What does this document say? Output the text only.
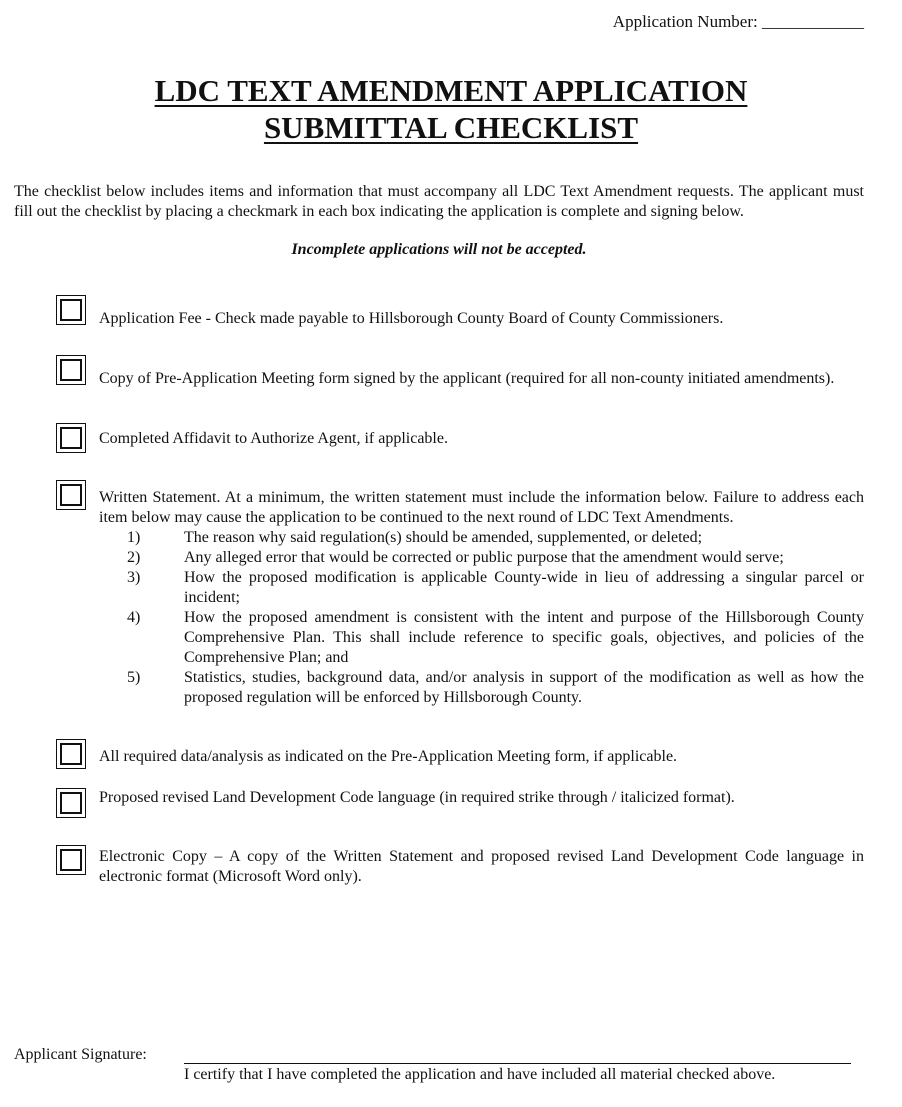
Application Number: ____________
LDC TEXT AMENDMENT APPLICATION
SUBMITTAL CHECKLIST
The checklist below includes items and information that must accompany all LDC Text Amendment requests. The applicant must fill out the checklist by placing a checkmark in each box indicating the application is complete and signing below.
Incomplete applications will not be accepted.
Application Fee - Check made payable to Hillsborough County Board of County Commissioners.
Copy of Pre-Application Meeting form signed by the applicant (required for all non-county initiated amendments).
Completed Affidavit to Authorize Agent, if applicable.
Written Statement. At a minimum, the written statement must include the information below. Failure to address each item below may cause the application to be continued to the next round of LDC Text Amendments.
1)	The reason why said regulation(s) should be amended, supplemented, or deleted;
2)	Any alleged error that would be corrected or public purpose that the amendment would serve;
3)	How the proposed modification is applicable County-wide in lieu of addressing a singular parcel or incident;
4)	How the proposed amendment is consistent with the intent and purpose of the Hillsborough County Comprehensive Plan. This shall include reference to specific goals, objectives, and policies of the Comprehensive Plan; and
5)	Statistics, studies, background data, and/or analysis in support of the modification as well as how the proposed regulation will be enforced by Hillsborough County.
All required data/analysis as indicated on the Pre-Application Meeting form, if applicable.
Proposed revised Land Development Code language (in required strike through / italicized format).
Electronic Copy – A copy of the Written Statement and proposed revised Land Development Code language in electronic format (Microsoft Word only).
Applicant Signature:
I certify that I have completed the application and have included all material checked above.
